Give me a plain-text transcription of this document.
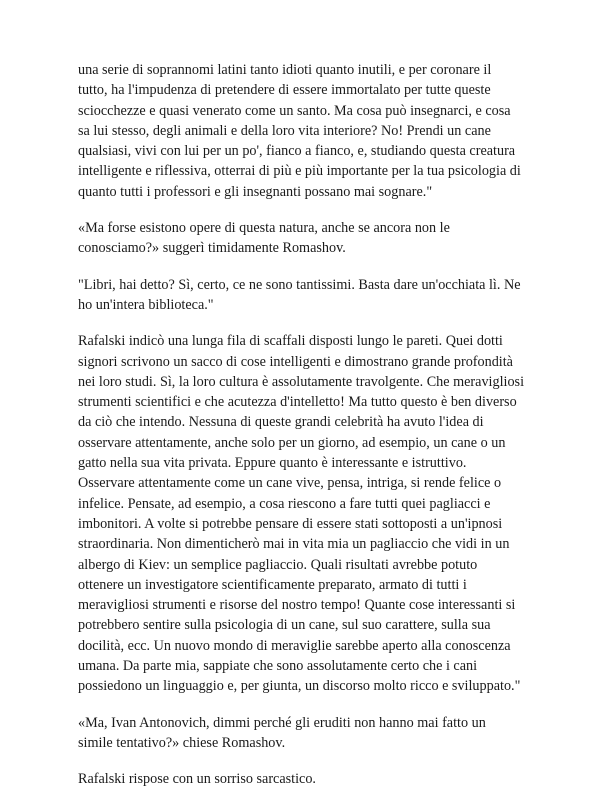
una serie di soprannomi latini tanto idioti quanto inutili, e per coronare il tutto, ha l'impudenza di pretendere di essere immortalato per tutte queste sciocchezze e quasi venerato come un santo. Ma cosa può insegnarci, e cosa sa lui stesso, degli animali e della loro vita interiore? No! Prendi un cane qualsiasi, vivi con lui per un po', fianco a fianco, e, studiando questa creatura intelligente e riflessiva, otterrai di più e più importante per la tua psicologia di quanto tutti i professori e gli insegnanti possano mai sognare."

«Ma forse esistono opere di questa natura, anche se ancora non le conosciamo?» suggerì timidamente Romashov.

"Libri, hai detto? Sì, certo, ce ne sono tantissimi. Basta dare un'occhiata lì. Ne ho un'intera biblioteca."

Rafalski indicò una lunga fila di scaffali disposti lungo le pareti. Quei dotti signori scrivono un sacco di cose intelligenti e dimostrano grande profondità nei loro studi. Sì, la loro cultura è assolutamente travolgente. Che meravigliosi strumenti scientifici e che acutezza d'intelletto! Ma tutto questo è ben diverso da ciò che intendo. Nessuna di queste grandi celebrità ha avuto l'idea di osservare attentamente, anche solo per un giorno, ad esempio, un cane o un gatto nella sua vita privata. Eppure quanto è interessante e istruttivo. Osservare attentamente come un cane vive, pensa, intriga, si rende felice o infelice. Pensate, ad esempio, a cosa riescono a fare tutti quei pagliacci e imbonitori. A volte si potrebbe pensare di essere stati sottoposti a un'ipnosi straordinaria. Non dimenticherò mai in vita mia un pagliaccio che vidi in un albergo di Kiev: un semplice pagliaccio. Quali risultati avrebbe potuto ottenere un investigatore scientificamente preparato, armato di tutti i meravigliosi strumenti e risorse del nostro tempo! Quante cose interessanti si potrebbero sentire sulla psicologia di un cane, sul suo carattere, sulla sua docilità, ecc. Un nuovo mondo di meraviglie sarebbe aperto alla conoscenza umana. Da parte mia, sappiate che sono assolutamente certo che i cani possiedono un linguaggio e, per giunta, un discorso molto ricco e sviluppato."

«Ma, Ivan Antonovich, dimmi perché gli eruditi non hanno mai fatto un simile tentativo?» chiese Romashov.

Rafalski rispose con un sorriso sarcastico.
